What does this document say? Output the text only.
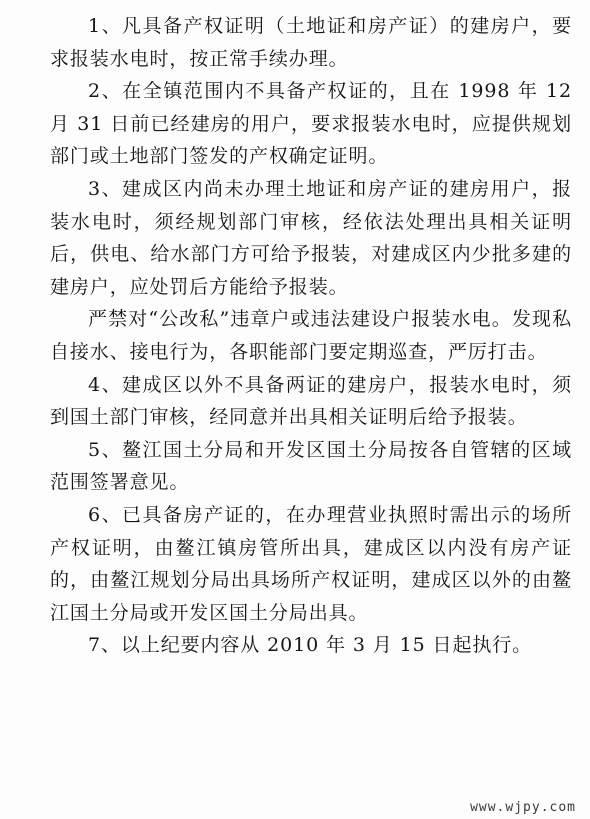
1、凡具备产权证明（土地证和房产证）的建房户，要求报装水电时，按正常手续办理。

2、在全镇范围内不具备产权证的，且在 1998 年 12 月 31 日前已经建房的用户，要求报装水电时，应提供规划部门或土地部门签发的产权确定证明。

3、建成区内尚未办理土地证和房产证的建房用户，报装水电时，须经规划部门审核，经依法处理出具相关证明后，供电、给水部门方可给予报装，对建成区内少批多建的建房户，应处罚后方能给予报装。

严禁对“公改私”违章户或违法建设户报装水电。发现私自接水、接电行为，各职能部门要定期巡查，严厉打击。

4、建成区以外不具备两证的建房户，报装水电时，须到国土部门审核，经同意并出具相关证明后给予报装。

5、鳌江国土分局和开发区国土分局按各自管辖的区域范围签署意见。

6、已具备房产证的，在办理营业执照时需出示的场所产权证明，由鳌江镇房管所出具，建成区以内没有房产证的，由鳌江规划分局出具场所产权证明，建成区以外的由鳌江国土分局或开发区国土分局出具。

7、以上纪要内容从 2010 年 3 月 15 日起执行。

www.wjpy.com
